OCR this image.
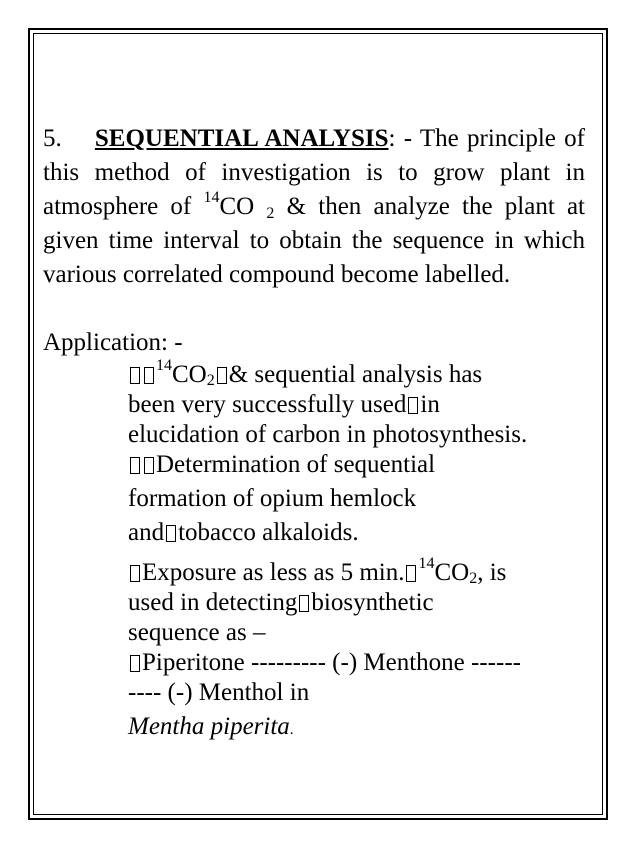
5. SEQUENTIAL ANALYSIS: - The principle of this method of investigation is to grow plant in atmosphere of $^{14}$CO $_2$ & then analyze the plant at given time interval to obtain the sequence in which various correlated compound become labelled.

Application: -
$^{14}$CO2 & sequential analysis has
been very successfully used in
elucidation of carbon in photosynthesis.
Determination of sequential
formation of opium hemlock
and tobacco alkaloids.
Exposure as less as 5 min. $^{14}$CO2, is
used in detecting biosynthetic
sequence as –
Piperitone --------- (-) Menthone ------
---- (-) Menthol in
Mentha piperita.
